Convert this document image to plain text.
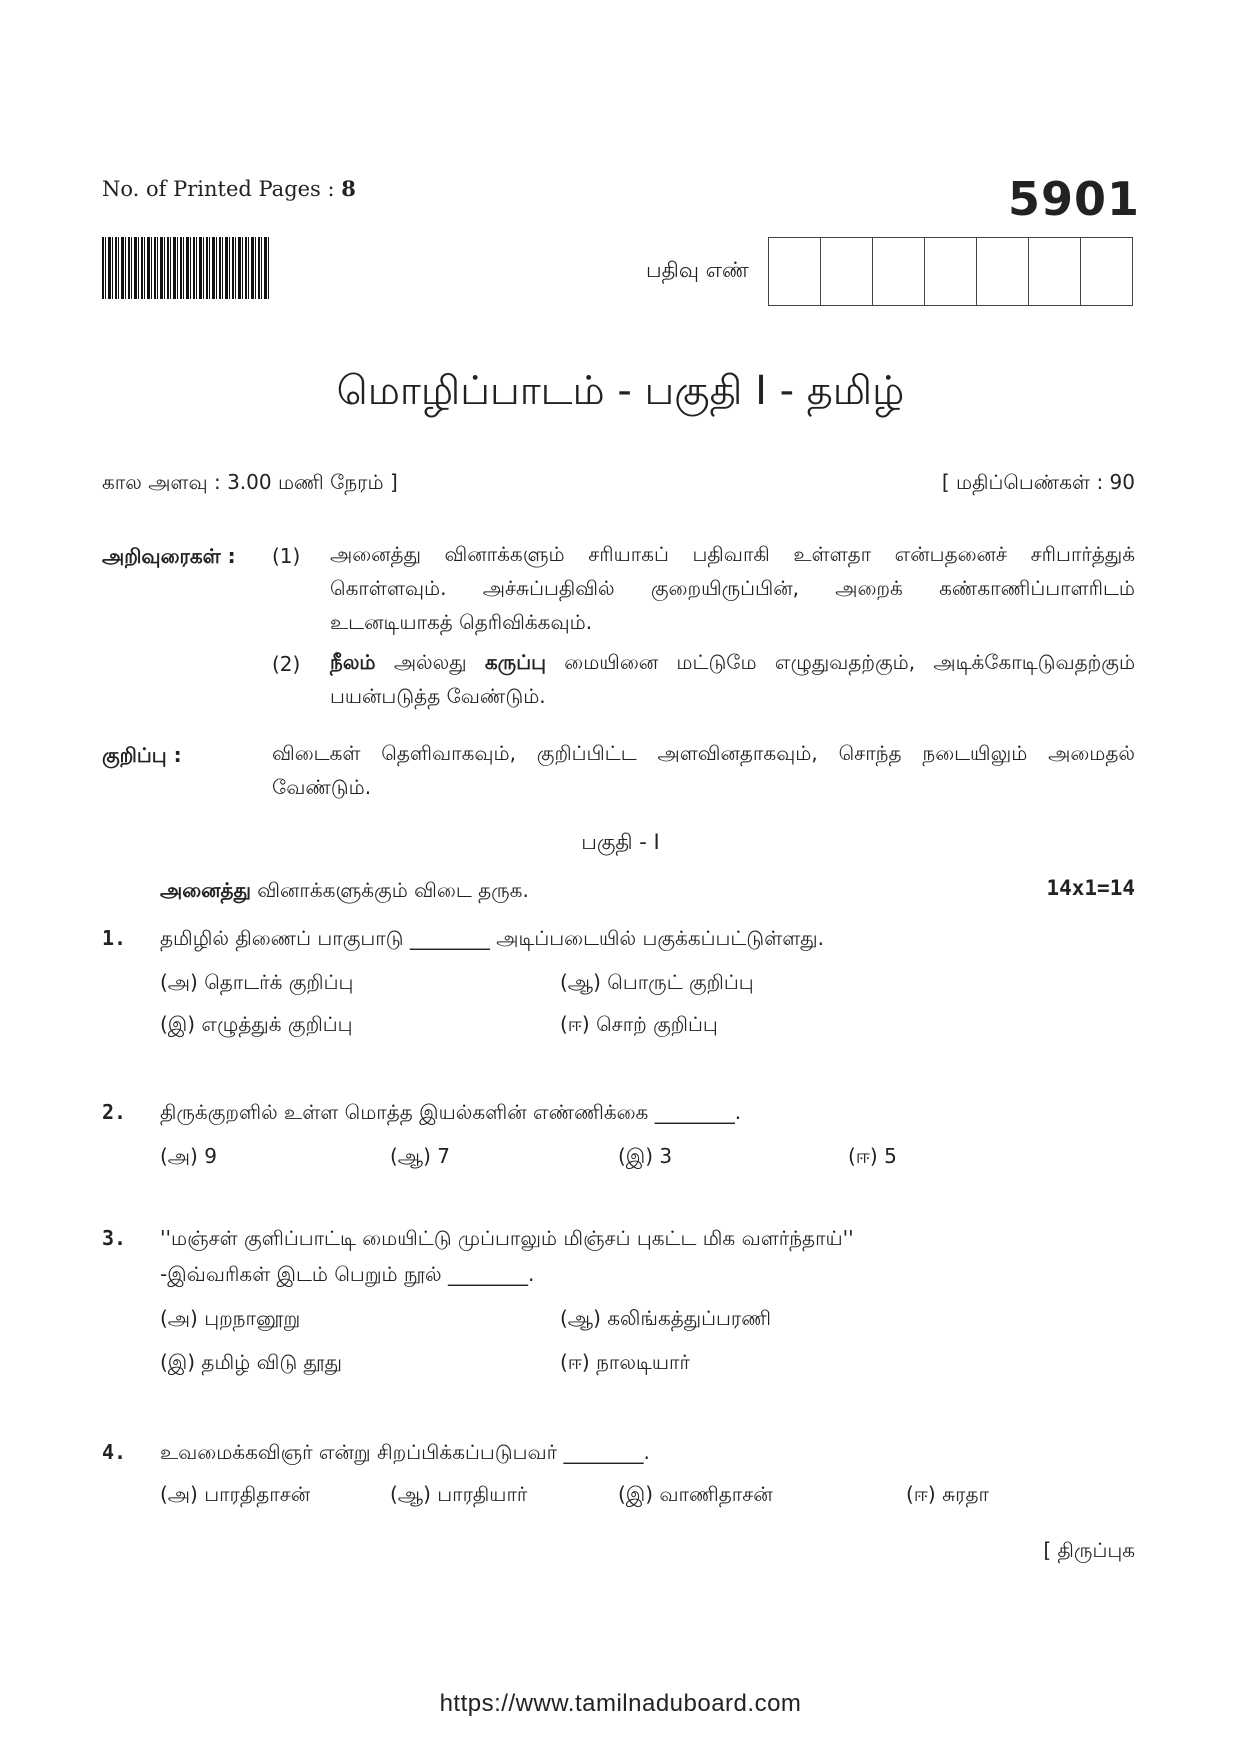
No. of Printed Pages : 8	5901
பதிவு எண்
மொழிப்பாடம் - பகுதி I - தமிழ்
கால அளவு : 3.00 மணி நேரம் ]	[ மதிப்பெண்கள் : 90
அறிவுரைகள் : (1) அனைத்து வினாக்களும் சரியாகப் பதிவாகி உள்ளதா என்பதனைச் சரிபார்த்துக் கொள்ளவும். அச்சுப்பதிவில் குறையிருப்பின், அறைக் கண்காணிப்பாளரிடம் உடனடியாகத் தெரிவிக்கவும்.
(2) நீலம் அல்லது கருப்பு மையினை மட்டுமே எழுதுவதற்கும், அடிக்கோடிடுவதற்கும் பயன்படுத்த வேண்டும்.
குறிப்பு :	விடைகள் தெளிவாகவும், குறிப்பிட்ட அளவினதாகவும், சொந்த நடையிலும் அமைதல் வேண்டும்.
பகுதி - I
அனைத்து வினாக்களுக்கும் விடை தருக.	14x1=14
1. தமிழில் திணைப் பாகுபாடு ________ அடிப்படையில் பகுக்கப்பட்டுள்ளது.
(அ) தொடர்க் குறிப்பு	(ஆ) பொருட் குறிப்பு
(இ) எழுத்துக் குறிப்பு	(ஈ) சொற் குறிப்பு
2. திருக்குறளில் உள்ள மொத்த இயல்களின் எண்ணிக்கை ________.
(அ) 9	(ஆ) 7	(இ) 3	(ஈ) 5
3. ''மஞ்சள் குளிப்பாட்டி மையிட்டு முப்பாலும் மிஞ்சப் புகட்ட மிக வளர்ந்தாய்''
-இவ்வரிகள் இடம் பெறும் நூல் ________.
(அ) புறநானூறு	(ஆ) கலிங்கத்துப்பரணி
(இ) தமிழ் விடு தூது	(ஈ) நாலடியார்
4. உவமைக்கவிஞர் என்று சிறப்பிக்கப்படுபவர் ________.
(அ) பாரதிதாசன்	(ஆ) பாரதியார்	(இ) வாணிதாசன்	(ஈ) சுரதா
[ திருப்புக
https://www.tamilnaduboard.com
